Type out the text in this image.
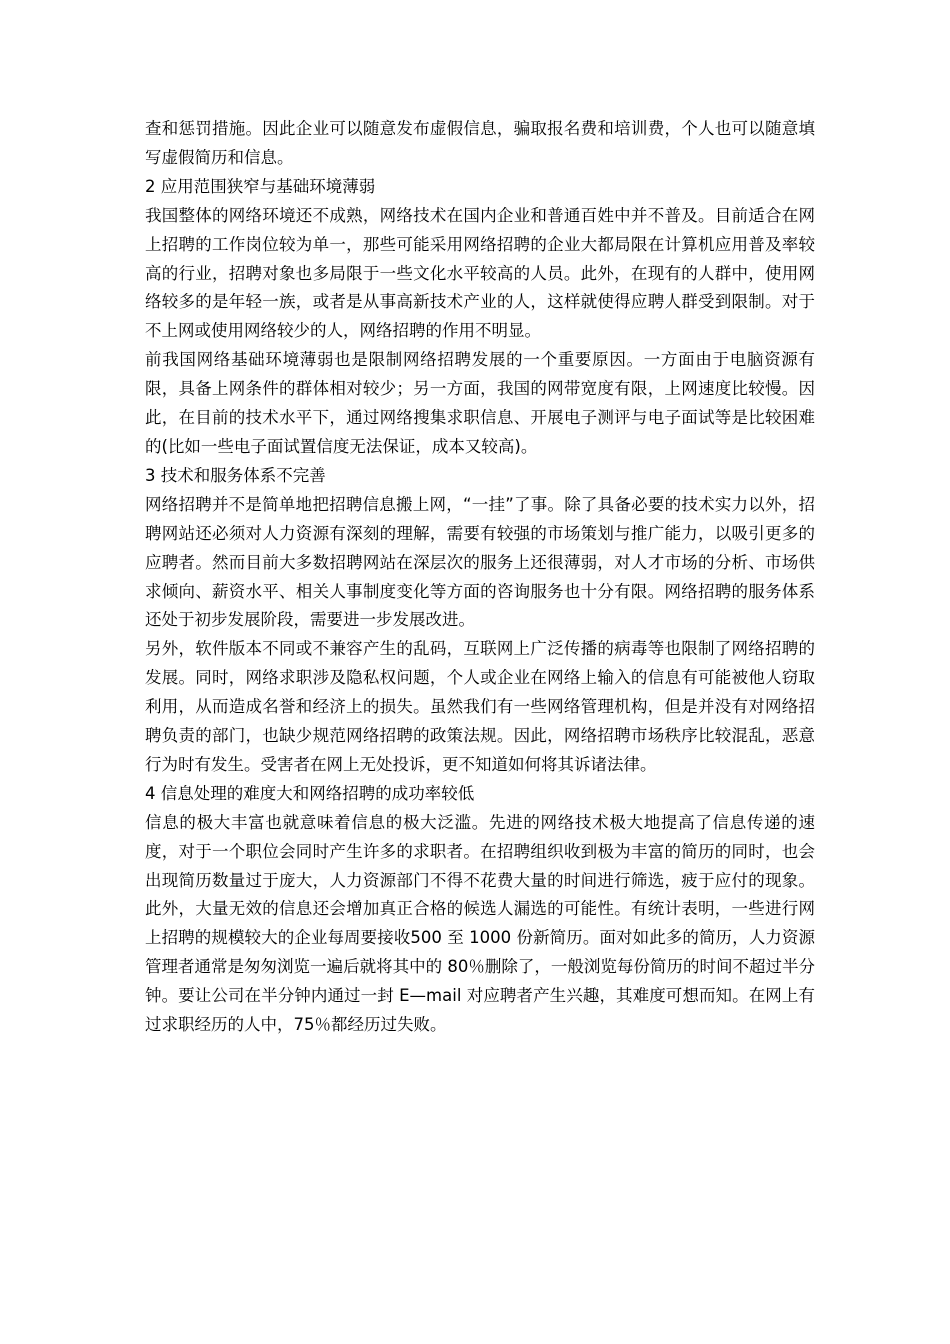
查和惩罚措施。因此企业可以随意发布虚假信息，骗取报名费和培训费，个人也可以随意填写虚假简历和信息。

2 应用范围狭窄与基础环境薄弱

我国整体的网络环境还不成熟，网络技术在国内企业和普通百姓中并不普及。目前适合在网上招聘的工作岗位较为单一，那些可能采用网络招聘的企业大都局限在计算机应用普及率较高的行业，招聘对象也多局限于一些文化水平较高的人员。此外，在现有的人群中，使用网络较多的是年轻一族，或者是从事高新技术产业的人，这样就使得应聘人群受到限制。对于不上网或使用网络较少的人，网络招聘的作用不明显。

前我国网络基础环境薄弱也是限制网络招聘发展的一个重要原因。一方面由于电脑资源有限，具备上网条件的群体相对较少；另一方面，我国的网带宽度有限，上网速度比较慢。因此，在目前的技术水平下，通过网络搜集求职信息、开展电子测评与电子面试等是比较困难的(比如一些电子面试置信度无法保证，成本又较高)。

3 技术和服务体系不完善

网络招聘并不是简单地把招聘信息搬上网，“一挂”了事。除了具备必要的技术实力以外，招聘网站还必须对人力资源有深刻的理解，需要有较强的市场策划与推广能力，以吸引更多的应聘者。然而目前大多数招聘网站在深层次的服务上还很薄弱，对人才市场的分析、市场供求倾向、薪资水平、相关人事制度变化等方面的咨询服务也十分有限。网络招聘的服务体系还处于初步发展阶段，需要进一步发展改进。

另外，软件版本不同或不兼容产生的乱码，互联网上广泛传播的病毒等也限制了网络招聘的发展。同时，网络求职涉及隐私权问题，个人或企业在网络上输入的信息有可能被他人窃取利用，从而造成名誉和经济上的损失。虽然我们有一些网络管理机构，但是并没有对网络招聘负责的部门，也缺少规范网络招聘的政策法规。因此，网络招聘市场秩序比较混乱，恶意行为时有发生。受害者在网上无处投诉，更不知道如何将其诉诸法律。

4 信息处理的难度大和网络招聘的成功率较低

信息的极大丰富也就意味着信息的极大泛滥。先进的网络技术极大地提高了信息传递的速度，对于一个职位会同时产生许多的求职者。在招聘组织收到极为丰富的简历的同时，也会出现简历数量过于庞大，人力资源部门不得不花费大量的时间进行筛选，疲于应付的现象。此外，大量无效的信息还会增加真正合格的候选人漏选的可能性。有统计表明，一些进行网上招聘的规模较大的企业每周要接收500 至 1000 份新简历。面对如此多的简历，人力资源管理者通常是匆匆浏览一遍后就将其中的 80％删除了，一般浏览每份简历的时间不超过半分钟。要让公司在半分钟内通过一封 E—mail 对应聘者产生兴趣，其难度可想而知。在网上有过求职经历的人中，75％都经历过失败。
